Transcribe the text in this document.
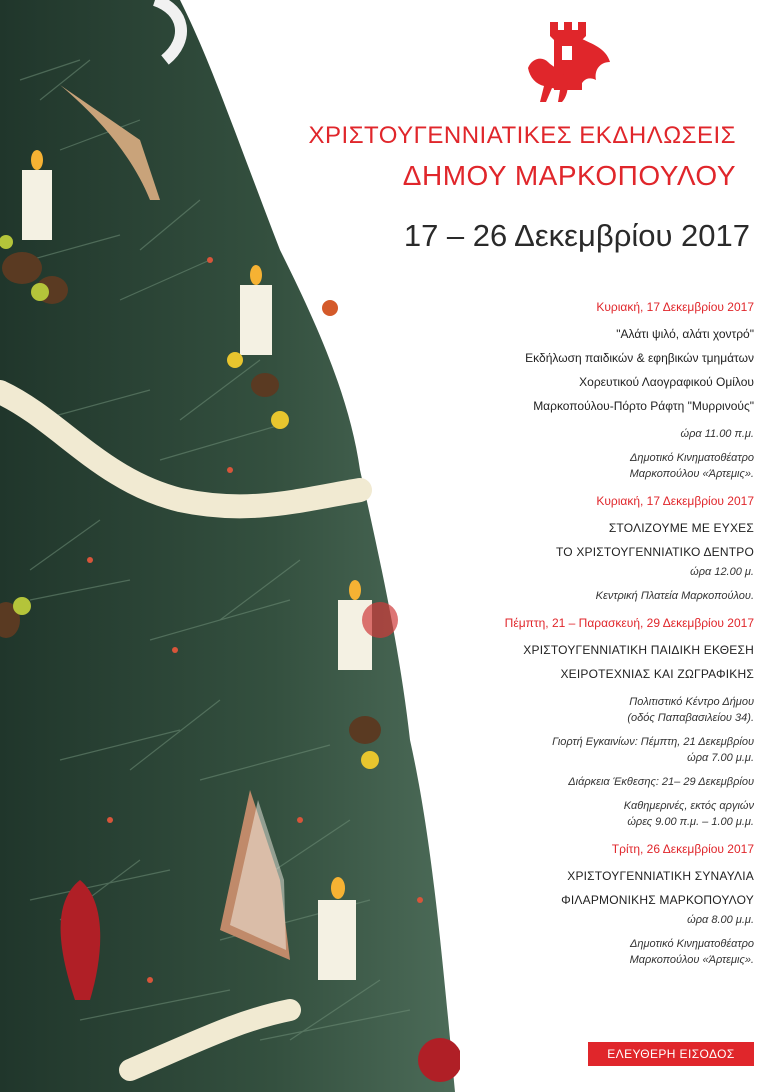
ΧΡΙΣΤΟΥΓΕΝΝΙΑΤΙΚΕΣ ΕΚΔΗΛΩΣΕΙΣ
ΔΗΜΟΥ ΜΑΡΚΟΠΟΥΛΟΥ
17 – 26 Δεκεμβρίου 2017
Κυριακή, 17 Δεκεμβρίου 2017
"Αλάτι ψιλό, αλάτι χοντρό"
Εκδήλωση παιδικών & εφηβικών τμημάτων
Χορευτικού Λαογραφικού Ομίλου
Μαρκοπούλου-Πόρτο Ράφτη "Μυρρινούς"
ώρα 11.00 π.μ.
Δημοτικό Κινηματοθέατρο
Μαρκοπούλου «Άρτεμις».
Κυριακή, 17 Δεκεμβρίου 2017
ΣΤΟΛΙΖΟΥΜΕ ΜΕ ΕΥΧΕΣ
ΤΟ ΧΡΙΣΤΟΥΓΕΝΝΙΑΤΙΚΟ ΔΕΝΤΡΟ
ώρα 12.00 μ.
Κεντρική Πλατεία Μαρκοπούλου.
Πέμπτη, 21 – Παρασκευή, 29 Δεκεμβρίου 2017
ΧΡΙΣΤΟΥΓΕΝΝΙΑΤΙΚΗ ΠΑΙΔΙΚΗ ΕΚΘΕΣΗ
ΧΕΙΡΟΤΕΧΝΙΑΣ ΚΑΙ ΖΩΓΡΑΦΙΚΗΣ
Πολιτιστικό Κέντρο Δήμου
(οδός Παπαβασιλείου 34).
Γιορτή Εγκαινίων: Πέμπτη, 21 Δεκεμβρίου
ώρα 7.00 μ.μ.
Διάρκεια Έκθεσης: 21– 29 Δεκεμβρίου
Καθημερινές, εκτός αργιών
ώρες 9.00 π.μ. – 1.00 μ.μ.
Τρίτη, 26 Δεκεμβρίου 2017
ΧΡΙΣΤΟΥΓΕΝΝΙΑΤΙΚΗ ΣΥΝΑΥΛΙΑ
ΦΙΛΑΡΜΟΝΙΚΗΣ ΜΑΡΚΟΠΟΥΛΟΥ
ώρα 8.00 μ.μ.
Δημοτικό Κινηματοθέατρο
Μαρκοπούλου «Άρτεμις».
ΕΛΕΥΘΕΡΗ ΕΙΣΟΔΟΣ
